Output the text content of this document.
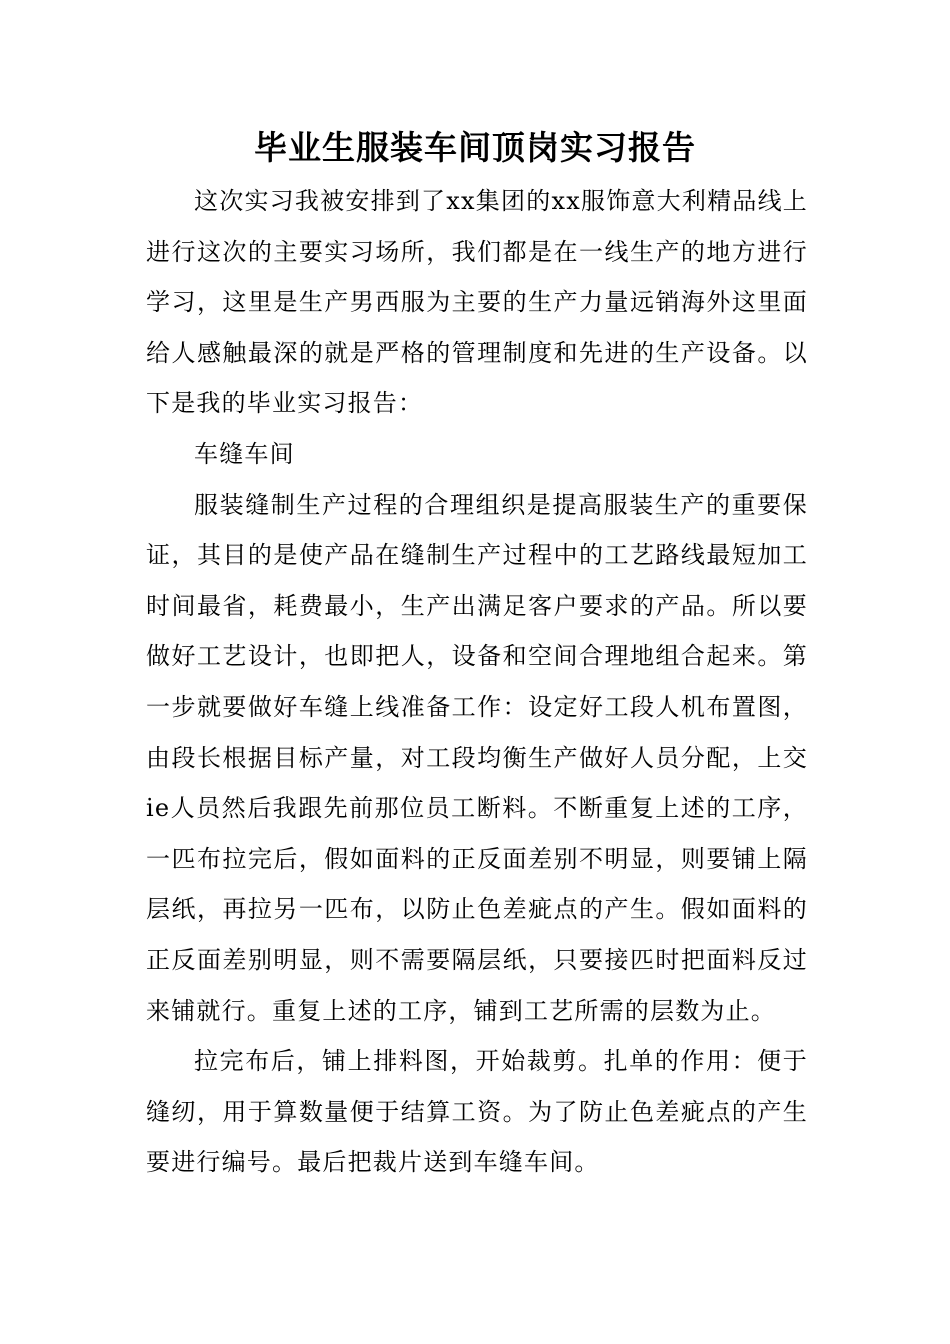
毕业生服装车间顶岗实习报告

这次实习我被安排到了xx集团的xx服饰意大利精品线上进行这次的主要实习场所，我们都是在一线生产的地方进行学习，这里是生产男西服为主要的生产力量远销海外这里面给人感触最深的就是严格的管理制度和先进的生产设备。以下是我的毕业实习报告：

车缝车间

服装缝制生产过程的合理组织是提高服装生产的重要保证，其目的是使产品在缝制生产过程中的工艺路线最短加工时间最省，耗费最小，生产出满足客户要求的产品。所以要做好工艺设计，也即把人，设备和空间合理地组合起来。第一步就要做好车缝上线准备工作：设定好工段人机布置图，由段长根据目标产量，对工段均衡生产做好人员分配，上交ie人员然后我跟先前那位员工断料。不断重复上述的工序，一匹布拉完后，假如面料的正反面差别不明显，则要铺上隔层纸，再拉另一匹布，以防止色差疵点的产生。假如面料的正反面差别明显，则不需要隔层纸，只要接匹时把面料反过来铺就行。重复上述的工序，铺到工艺所需的层数为止。

拉完布后，铺上排料图，开始裁剪。扎单的作用：便于缝纫，用于算数量便于结算工资。为了防止色差疵点的产生要进行编号。最后把裁片送到车缝车间。
